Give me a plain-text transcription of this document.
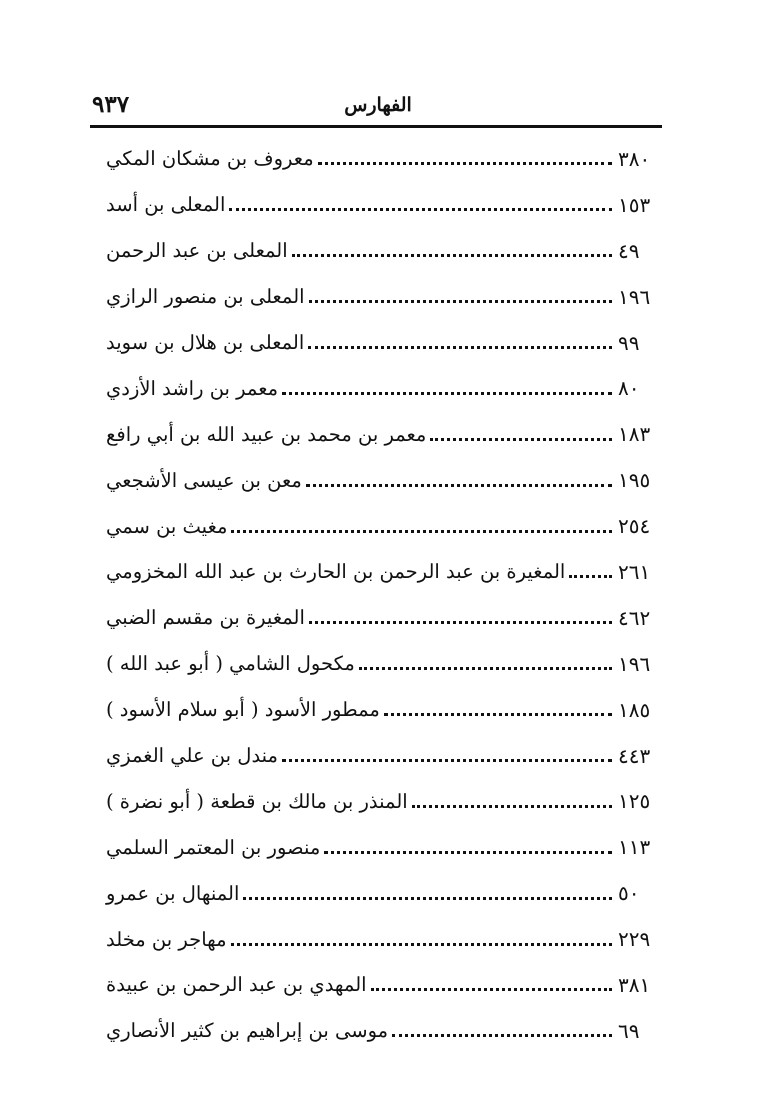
الفهارس
٩٣٧
معروف بن مشكان المكي	٣٨٠
المعلى بن أسد	١٥٣
المعلى بن عبد الرحمن	٤٩
المعلى بن منصور الرازي	١٩٦
المعلى بن هلال بن سويد	٩٩
معمر بن راشد الأزدي	٨٠
معمر بن محمد بن عبيد الله بن أبي رافع	١٨٣
معن بن عيسى الأشجعي	١٩٥
مغيث بن سمي	٢٥٤
المغيرة بن عبد الرحمن بن الحارث بن عبد الله المخزومي	٢٦١
المغيرة بن مقسم الضبي	٤٦٢
مكحول الشامي ( أبو عبد الله )	١٩٦
ممطور الأسود ( أبو سلام الأسود )	١٨٥
مندل بن علي الغمزي	٤٤٣
المنذر بن مالك بن قطعة ( أبو نضرة )	١٢٥
منصور بن المعتمر السلمي	١١٣
المنهال بن عمرو	٥٠
مهاجر بن مخلد	٢٢٩
المهدي بن عبد الرحمن بن عبيدة	٣٨١
موسى بن إبراهيم بن كثير الأنصاري	٦٩
